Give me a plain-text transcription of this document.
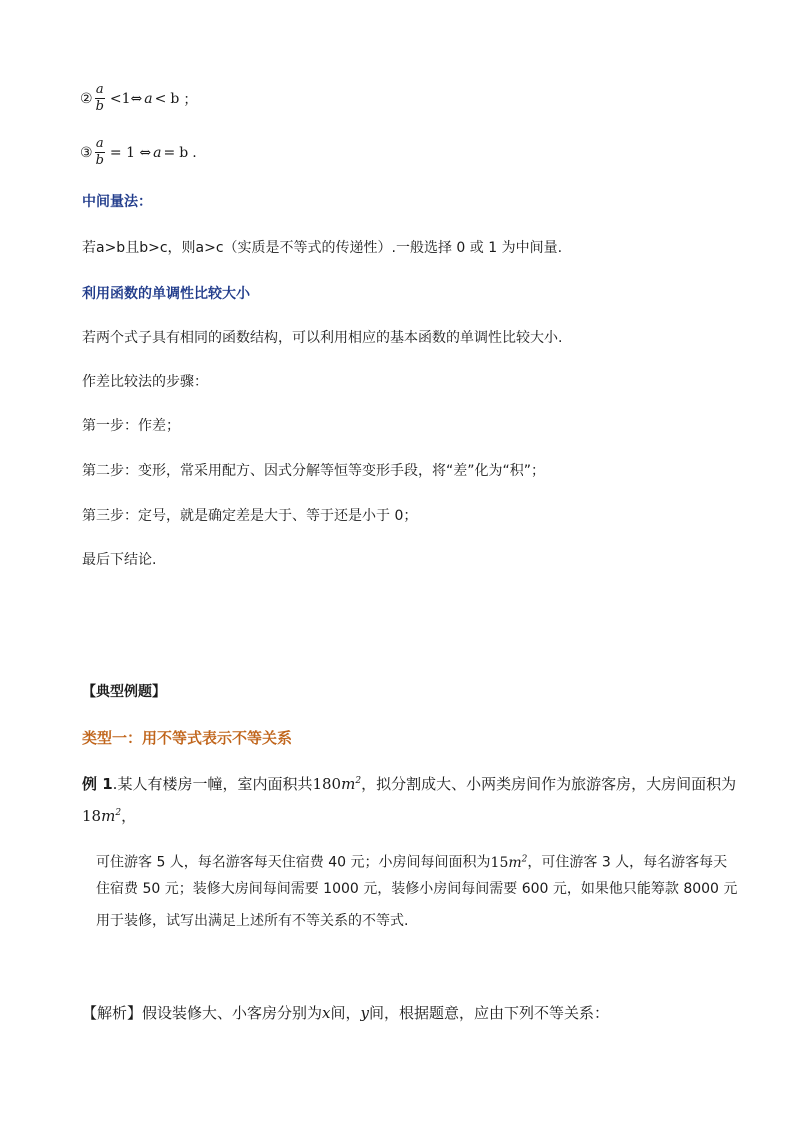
② $\frac{a}{b}$ <1⇔ a < b ；
③ $\frac{a}{b} = 1$ ⇔ a = b .
中间量法：
若a>b且b>c，则a>c（实质是不等式的传递性）.一般选择 0 或 1 为中间量.
利用函数的单调性比较大小
若两个式子具有相同的函数结构，可以利用相应的基本函数的单调性比较大小.
作差比较法的步骤：
第一步：作差；
第二步：变形，常采用配方、因式分解等恒等变形手段，将“差”化为“积”；
第三步：定号，就是确定差是大于、等于还是小于 0；
最后下结论.
【典型例题】
类型一：用不等式表示不等关系
例 1.某人有楼房一幢，室内面积共$180m^2$，拟分割成大、小两类房间作为旅游客房，大房间面积为
$18m^2$，
可住游客 5 人，每名游客每天住宿费 40 元；小房间每间面积为$15m^2$，可住游客 3 人，每名游客每天
住宿费 50 元；装修大房间每间需要 1000 元，装修小房间每间需要 600 元，如果他只能筹款 8000 元
用于装修，试写出满足上述所有不等关系的不等式.
【解析】假设装修大、小客房分别为x间，y间，根据题意，应由下列不等关系：
